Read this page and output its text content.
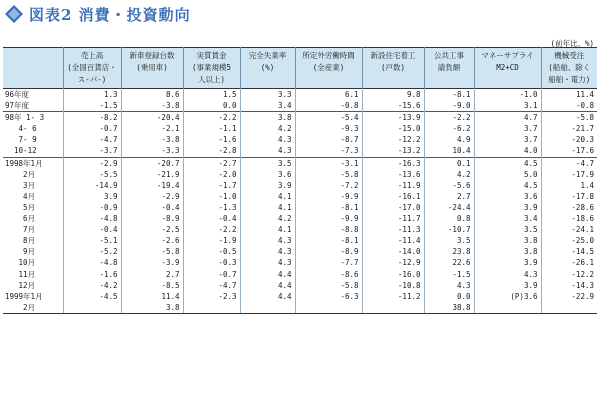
図表2 消費・投資動向
(前年比、%)
	売上高	新車登録台数	実質賃金	完全失業率	所定外労働時間	新設住宅着工	公共工事	マネーサプライ	機械受注
	(全国百貨店・	(乗用車)	(事業規模5	(%)	(全産業)	(戸数)	請負額	M2+CD	(船舶、除く
	ス-パ-)		人以上)						船舶・電力)
96年度	1.3	8.6	1.5	3.3	6.1	9.8	-8.1	-1.0	11.4
97年度	-1.5	-3.8	0.0	3.4	-0.8	-15.6	-9.0	3.1	-0.8
98年 1- 3	-8.2	-20.4	-2.2	3.8	-5.4	-13.9	-2.2	4.7	-5.8
4- 6	-0.7	-2.1	-1.1	4.2	-9.3	-15.0	-6.2	3.7	-21.7
7- 9	-4.7	-3.8	-1.6	4.3	-8.7	-12.2	4.9	3.7	-20.3
10-12	-3.7	-3.3	-2.8	4.3	-7.3	-13.2	10.4	4.0	-17.6
1998年1月	-2.9	-20.7	-2.7	3.5	-3.1	-16.3	0.1	4.5	-4.7
2月	-5.5	-21.9	-2.0	3.6	-5.8	-13.6	4.2	5.0	-17.9
3月	-14.9	-19.4	-1.7	3.9	-7.2	-11.9	-5.6	4.5	1.4
4月	3.9	-2.9	-1.0	4.1	-9.9	-16.1	2.7	3.6	-17.8
5月	-0.9	-0.4	-1.3	4.1	-8.1	-17.0	-24.4	3.9	-28.6
6月	-4.8	-8.9	-0.4	4.2	-9.9	-11.7	0.8	3.4	-18.6
7月	-0.4	-2.5	-2.2	4.1	-8.8	-11.3	-10.7	3.5	-24.1
8月	-5.1	-2.6	-1.9	4.3	-8.1	-11.4	3.5	3.8	-25.0
9月	-5.2	-5.8	-0.5	4.3	-8.9	-14.0	23.8	3.8	-14.5
10月	-4.8	-3.9	-0.3	4.3	-7.7	-12.9	22.6	3.9	-26.1
11月	-1.6	2.7	-0.7	4.4	-8.6	-16.0	-1.5	4.3	-12.2
12月	-4.2	-8.5	-4.7	4.4	-5.8	-10.8	4.3	3.9	-14.3
1999年1月	-4.5	11.4	-2.3	4.4	-6.3	-11.2	0.0	(P)3.6	-22.9
2月		3.8					38.8		
